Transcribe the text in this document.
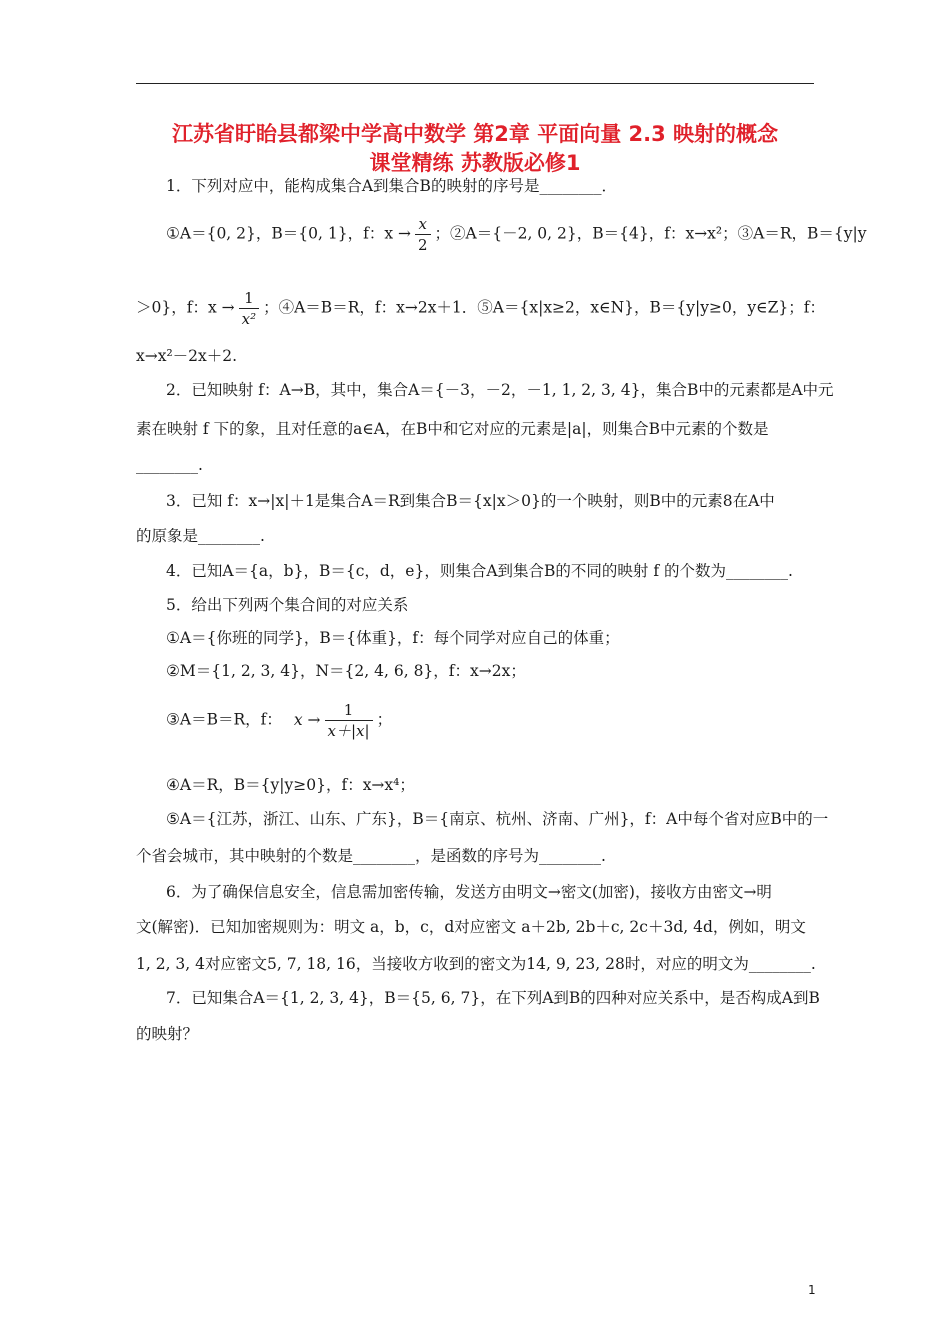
江苏省盱眙县都梁中学高中数学 第2章 平面向量 2.3 映射的概念
课堂精练 苏教版必修1
1．下列对应中，能构成集合A到集合B的映射的序号是________．
①A＝{0, 2}，B＝{0, 1}，f：$x \to \frac{x}{2}$ ；②A＝{－2, 0, 2}，B＝{4}，f：x→x²；③A＝R，B＝{y|y
＞0}，f：$x \to \frac{1}{\text{x²}}$ ；④A＝B＝R，f：x→2x＋1．⑤A＝{x|x≥2，x∈N}，B＝{y|y≥0，y∈Z}；f：
x→x²－2x＋2.
2．已知映射 f：A→B，其中，集合A＝{－3，－2，－1, 1, 2, 3, 4}，集合B中的元素都是A中元
素在映射 f 下的象，且对任意的a∈A，在B中和它对应的元素是|a|，则集合B中元素的个数是
________.
3．已知 f：x→|x|＋1是集合A＝R到集合B＝{x|x＞0}的一个映射，则B中的元素8在A中
的原象是________.
4．已知A＝{a，b}，B＝{c，d，e}，则集合A到集合B的不同的映射 f 的个数为________.
5．给出下列两个集合间的对应关系
①A＝{你班的同学}，B＝{体重}，f：每个同学对应自己的体重；
②M＝{1, 2, 3, 4}，N＝{2, 4, 6, 8}，f：x→2x；
③A＝B＝R，f： $x \to \frac{1}{x+|x|}$ ；
④A＝R，B＝{y|y≥0}，f：x→x⁴；
⑤A＝{江苏，浙江、山东、广东}，B＝{南京、杭州、济南、广州}，f：A中每个省对应B中的一
个省会城市，其中映射的个数是________，是函数的序号为________.
6．为了确保信息安全，信息需加密传输，发送方由明文→密文(加密)，接收方由密文→明
文(解密)．已知加密规则为：明文 a，b，c，d对应密文 a＋2b, 2b＋c, 2c＋3d, 4d，例如，明文
1, 2, 3, 4对应密文5, 7, 18, 16，当接收方收到的密文为14, 9, 23, 28时，对应的明文为________.
7．已知集合A＝{1, 2, 3, 4}，B＝{5, 6, 7}，在下列A到B的四种对应关系中，是否构成A到B
的映射？
1
